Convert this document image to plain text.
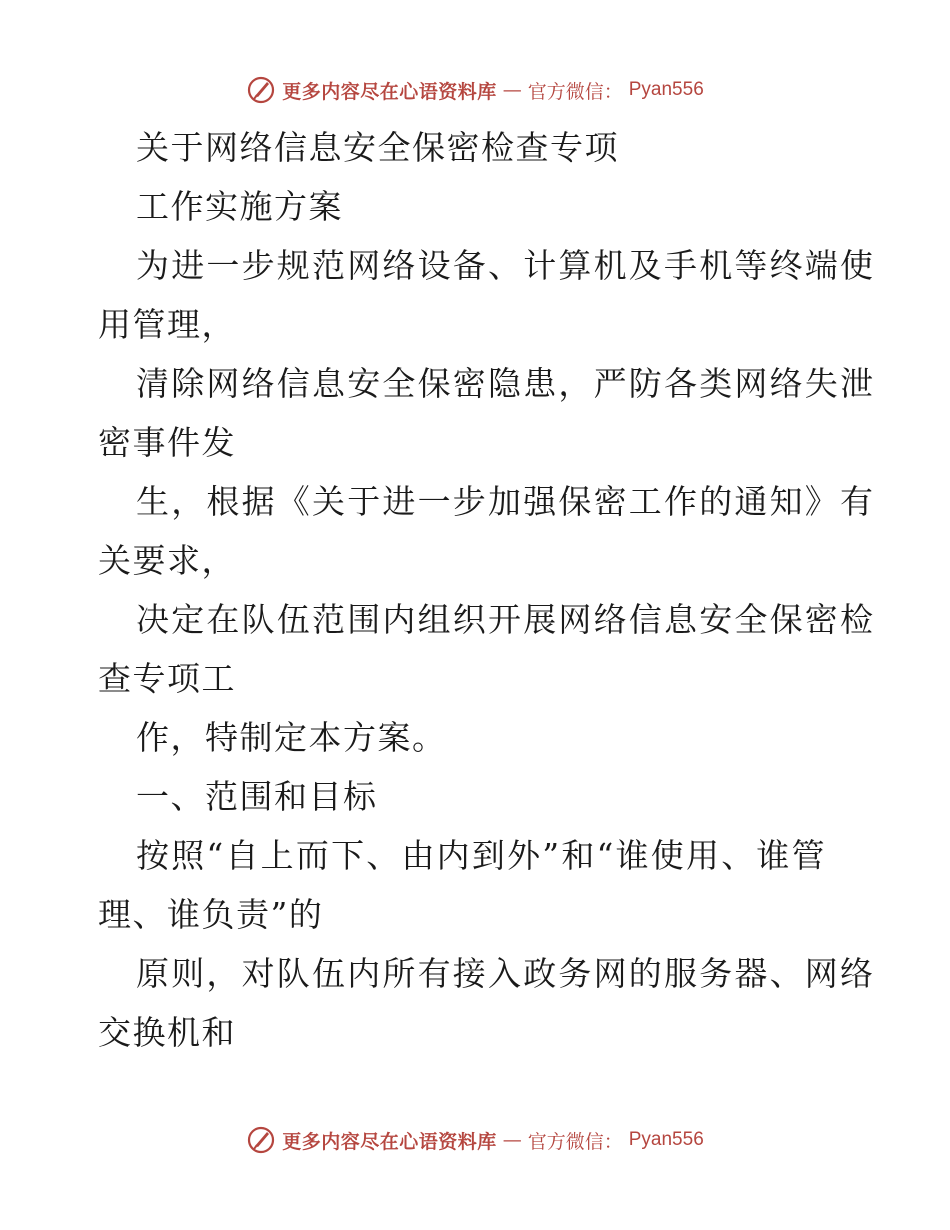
更多内容尽在心语资料库 — 官方微信： Pyan556
关于网络信息安全保密检查专项
工作实施方案
为进一步规范网络设备、计算机及手机等终端使
用管理，
清除网络信息安全保密隐患，严防各类网络失泄
密事件发
生，根据《关于进一步加强保密工作的通知》有
关要求，
决定在队伍范围内组织开展网络信息安全保密检
查专项工
作，特制定本方案。
一、范围和目标
按照“自上而下、由内到外”和“谁使用、谁管
理、谁负责”的
原则，对队伍内所有接入政务网的服务器、网络
交换机和
更多内容尽在心语资料库 — 官方微信： Pyan556
